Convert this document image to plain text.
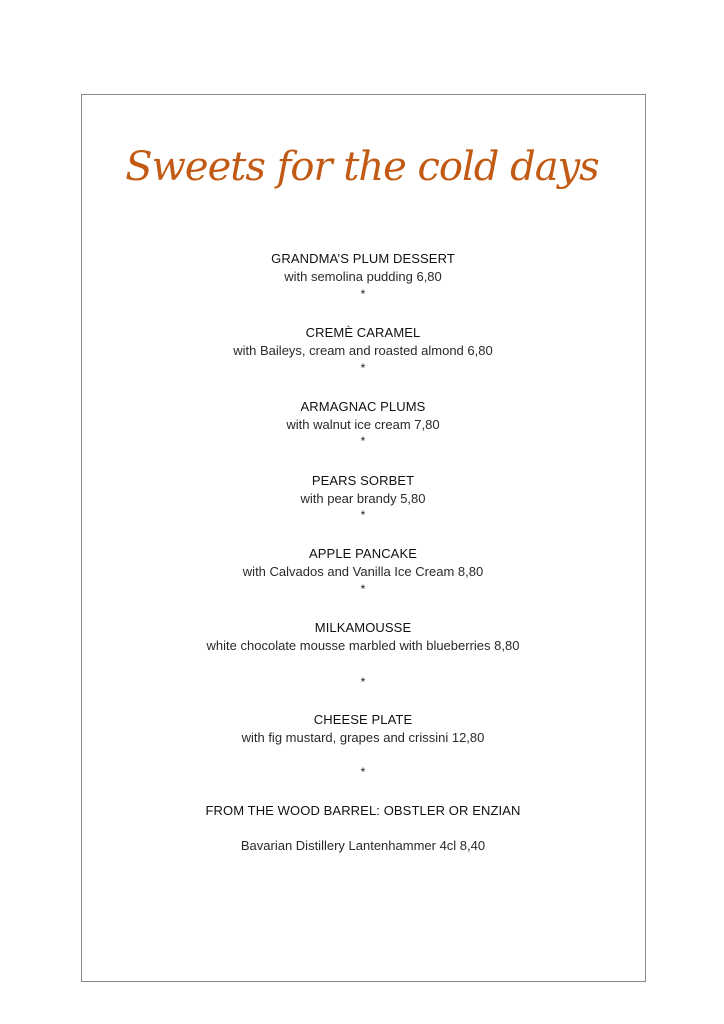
Sweets for the cold days
GRANDMA’S PLUM DESSERT
with semolina pudding 6,80
*
CREMÈ CARAMEL
with Baileys, cream and roasted almond 6,80
*
ARMAGNAC PLUMS
with walnut ice cream 7,80
*
PEARS SORBET
with pear brandy 5,80
*
APPLE PANCAKE
with Calvados and Vanilla Ice Cream 8,80
*
MILKAMOUSSE
white chocolate mousse marbled with blueberries 8,80
*
CHEESE PLATE
with fig mustard, grapes and crissini 12,80
*
FROM THE WOOD BARREL: OBSTLER OR ENZIAN
Bavarian Distillery Lantenhammer 4cl 8,40
